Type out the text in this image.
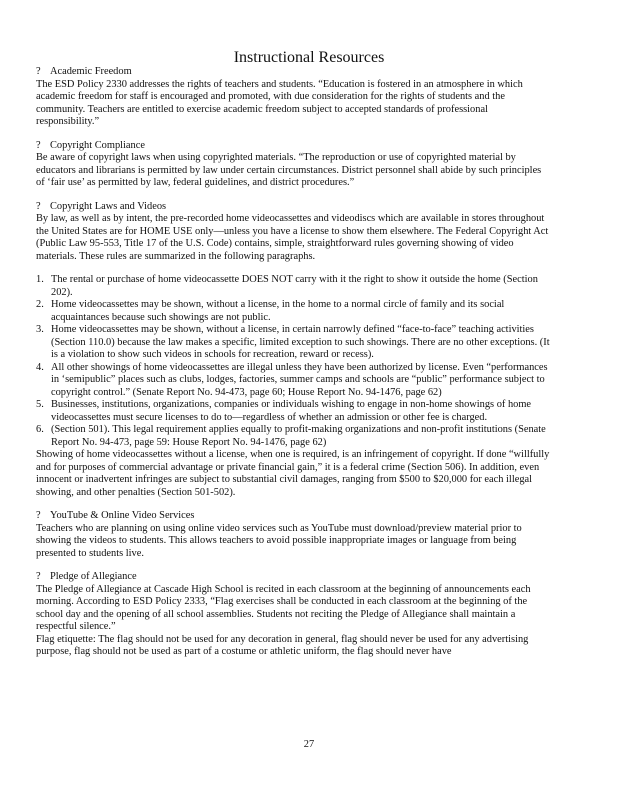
Instructional Resources

? Academic Freedom

The ESD Policy 2330 addresses the rights of teachers and students. “Education is fostered in an atmosphere in which academic freedom for staff is encouraged and promoted, with due consideration for the rights of students and the community. Teachers are entitled to exercise academic freedom subject to accepted standards of professional responsibility.”

? Copyright Compliance

Be aware of copyright laws when using copyrighted materials. “The reproduction or use of copyrighted material by educators and librarians is permitted by law under certain circumstances. District personnel shall abide by such principles of ‘fair use’ as permitted by law, federal guidelines, and district procedures.”

? Copyright Laws and Videos

By law, as well as by intent, the pre-recorded home videocassettes and videodiscs which are available in stores throughout the United States are for HOME USE only—unless you have a license to show them elsewhere. The Federal Copyright Act (Public Law 95-553, Title 17 of the U.S. Code) contains, simple, straightforward rules governing showing of video materials. These rules are summarized in the following paragraphs.

1. The rental or purchase of home videocassette DOES NOT carry with it the right to show it outside the home (Section 202).
2. Home videocassettes may be shown, without a license, in the home to a normal circle of family and its social acquaintances because such showings are not public.
3. Home videocassettes may be shown, without a license, in certain narrowly defined “face-to-face” teaching activities (Section 110.0) because the law makes a specific, limited exception to such showings. There are no other exceptions. (It is a violation to show such videos in schools for recreation, reward or recess).
4. All other showings of home videocassettes are illegal unless they have been authorized by license. Even “performances in ‘semipublic” places such as clubs, lodges, factories, summer camps and schools are “public” performance subject to copyright control.” (Senate Report No. 94-473, page 60; House Report No. 94-1476, page 62)
5. Businesses, institutions, organizations, companies or individuals wishing to engage in non-home showings of home videocassettes must secure licenses to do to—regardless of whether an admission or other fee is charged.
6. (Section 501). This legal requirement applies equally to profit-making organizations and non-profit institutions (Senate Report No. 94-473, page 59: House Report No. 94-1476, page 62)

Showing of home videocassettes without a license, when one is required, is an infringement of copyright. If done “willfully and for purposes of commercial advantage or private financial gain,” it is a federal crime (Section 506). In addition, even innocent or inadvertent infringes are subject to substantial civil damages, ranging from $500 to $20,000 for each illegal showing, and other penalties (Section 501-502).

? YouTube & Online Video Services

Teachers who are planning on using online video services such as YouTube must download/preview material prior to showing the videos to students. This allows teachers to avoid possible inappropriate images or language from being presented to students live.

? Pledge of Allegiance

The Pledge of Allegiance at Cascade High School is recited in each classroom at the beginning of announcements each morning. According to ESD Policy 2333, “Flag exercises shall be conducted in each classroom at the beginning of the school day and the opening of all school assemblies. Students not reciting the Pledge of Allegiance shall maintain a respectful silence.”

Flag etiquette: The flag should not be used for any decoration in general, flag should never be used for any advertising purpose, flag should not be used as part of a costume or athletic uniform, the flag should never have

27
